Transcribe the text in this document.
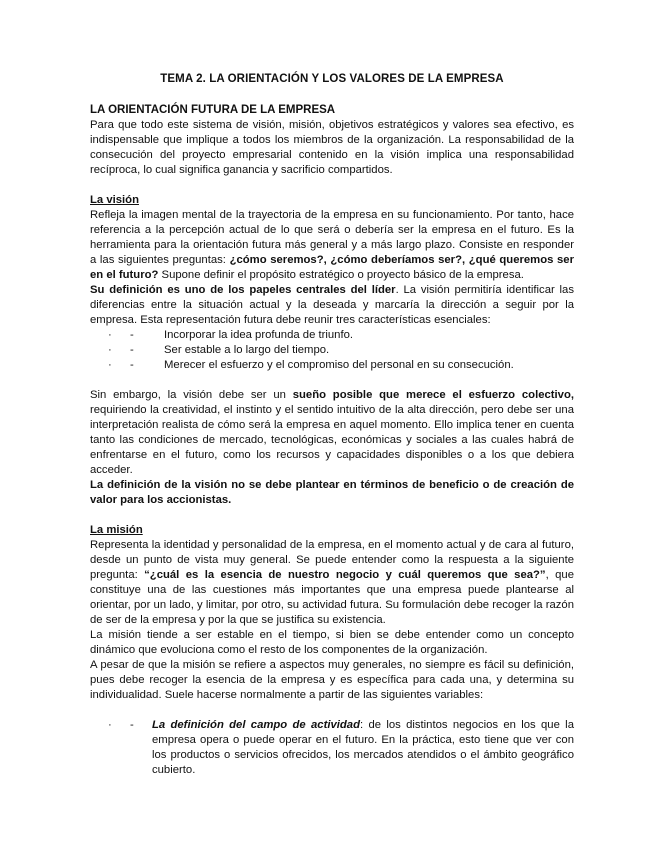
TEMA 2. LA ORIENTACIÓN Y LOS VALORES DE LA EMPRESA
LA ORIENTACIÓN FUTURA DE LA EMPRESA

Para que todo este sistema de visión, misión, objetivos estratégicos y valores sea efectivo, es indispensable que implique a todos los miembros de la organización. La responsabilidad de la consecución del proyecto empresarial contenido en la visión implica una responsabilidad recíproca, lo cual significa ganancia y sacrificio compartidos.

La visión

Refleja la imagen mental de la trayectoria de la empresa en su funcionamiento. Por tanto, hace referencia a la percepción actual de lo que será o debería ser la empresa en el futuro. Es la herramienta para la orientación futura más general y a más largo plazo. Consiste en responder a las siguientes preguntas: ¿cómo seremos?, ¿cómo deberíamos ser?, ¿qué queremos ser en el futuro? Supone definir el propósito estratégico o proyecto básico de la empresa.

Su definición es uno de los papeles centrales del líder. La visión permitiría identificar las diferencias entre la situación actual y la deseada y marcaría la dirección a seguir por la empresa. Esta representación futura debe reunir tres características esenciales:

·	-	Incorporar la idea profunda de triunfo.
·	-	Ser estable a lo largo del tiempo.
·	-	Merecer el esfuerzo y el compromiso del personal en su consecución.

Sin embargo, la visión debe ser un sueño posible que merece el esfuerzo colectivo, requiriendo la creatividad, el instinto y el sentido intuitivo de la alta dirección, pero debe ser una interpretación realista de cómo será la empresa en aquel momento. Ello implica tener en cuenta tanto las condiciones de mercado, tecnológicas, económicas y sociales a las cuales habrá de enfrentarse en el futuro, como los recursos y capacidades disponibles o a los que debiera acceder.

La definición de la visión no se debe plantear en términos de beneficio o de creación de valor para los accionistas.

La misión

Representa la identidad y personalidad de la empresa, en el momento actual y de cara al futuro, desde un punto de vista muy general. Se puede entender como la respuesta a la siguiente pregunta: “¿cuál es la esencia de nuestro negocio y cuál queremos que sea?”, que constituye una de las cuestiones más importantes que una empresa puede plantearse al orientar, por un lado, y limitar, por otro, su actividad futura. Su formulación debe recoger la razón de ser de la empresa y por la que se justifica su existencia.

La misión tiende a ser estable en el tiempo, si bien se debe entender como un concepto dinámico que evoluciona como el resto de los componentes de la organización.

A pesar de que la misión se refiere a aspectos muy generales, no siempre es fácil su definición, pues debe recoger la esencia de la empresa y es específica para cada una, y determina su individualidad. Suele hacerse normalmente a partir de las siguientes variables:

·	-	La definición del campo de actividad: de los distintos negocios en los que la empresa opera o puede operar en el futuro. En la práctica, esto tiene que ver con los productos o servicios ofrecidos, los mercados atendidos o el ámbito geográfico cubierto.
